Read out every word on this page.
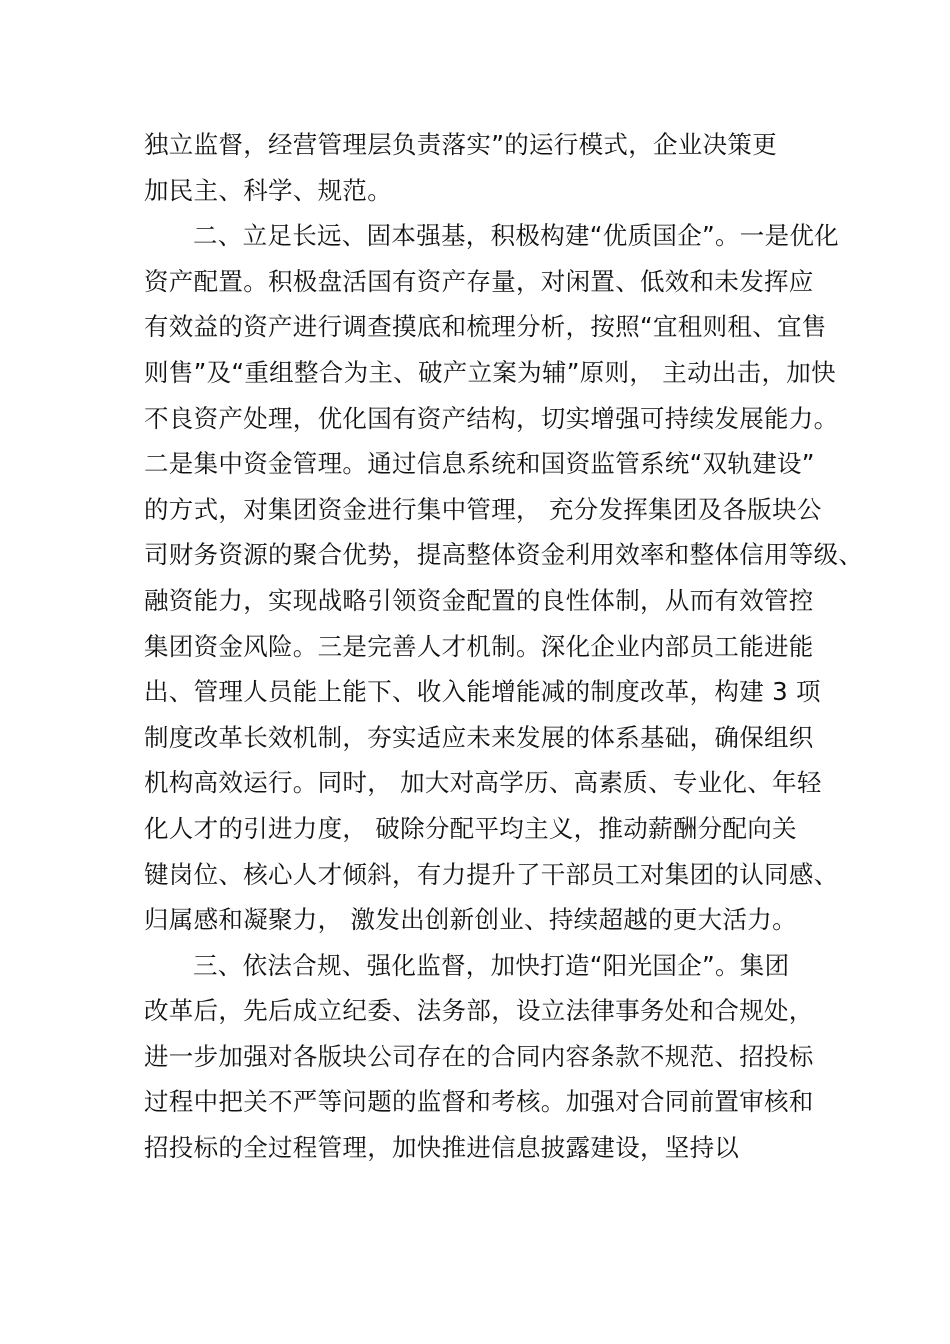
独立监督，经营管理层负责落实”的运行模式，企业决策更
加民主、科学、规范。
二、立足长远、固本强基，积极构建“优质国企”。一是优化
资产配置。积极盘活国有资产存量，对闲置、低效和未发挥应
有效益的资产进行调查摸底和梳理分析，按照“宜租则租、宜售
则售”及“重组整合为主、破产立案为辅”原则， 主动出击，加快
不良资产处理，优化国有资产结构，切实增强可持续发展能力。
二是集中资金管理。通过信息系统和国资监管系统“双轨建设”
的方式，对集团资金进行集中管理， 充分发挥集团及各版块公
司财务资源的聚合优势，提高整体资金利用效率和整体信用等级、
融资能力，实现战略引领资金配置的良性体制，从而有效管控
集团资金风险。三是完善人才机制。深化企业内部员工能进能
出、管理人员能上能下、收入能增能减的制度改革，构建 3 项
制度改革长效机制，夯实适应未来发展的体系基础，确保组织
机构高效运行。同时， 加大对高学历、高素质、专业化、年轻
化人才的引进力度， 破除分配平均主义，推动薪酬分配向关
键岗位、核心人才倾斜，有力提升了干部员工对集团的认同感、
归属感和凝聚力， 激发出创新创业、持续超越的更大活力。
三、依法合规、强化监督，加快打造“阳光国企”。集团
改革后，先后成立纪委、法务部，设立法律事务处和合规处，
进一步加强对各版块公司存在的合同内容条款不规范、招投标
过程中把关不严等问题的监督和考核。加强对合同前置审核和
招投标的全过程管理，加快推进信息披露建设，坚持以
